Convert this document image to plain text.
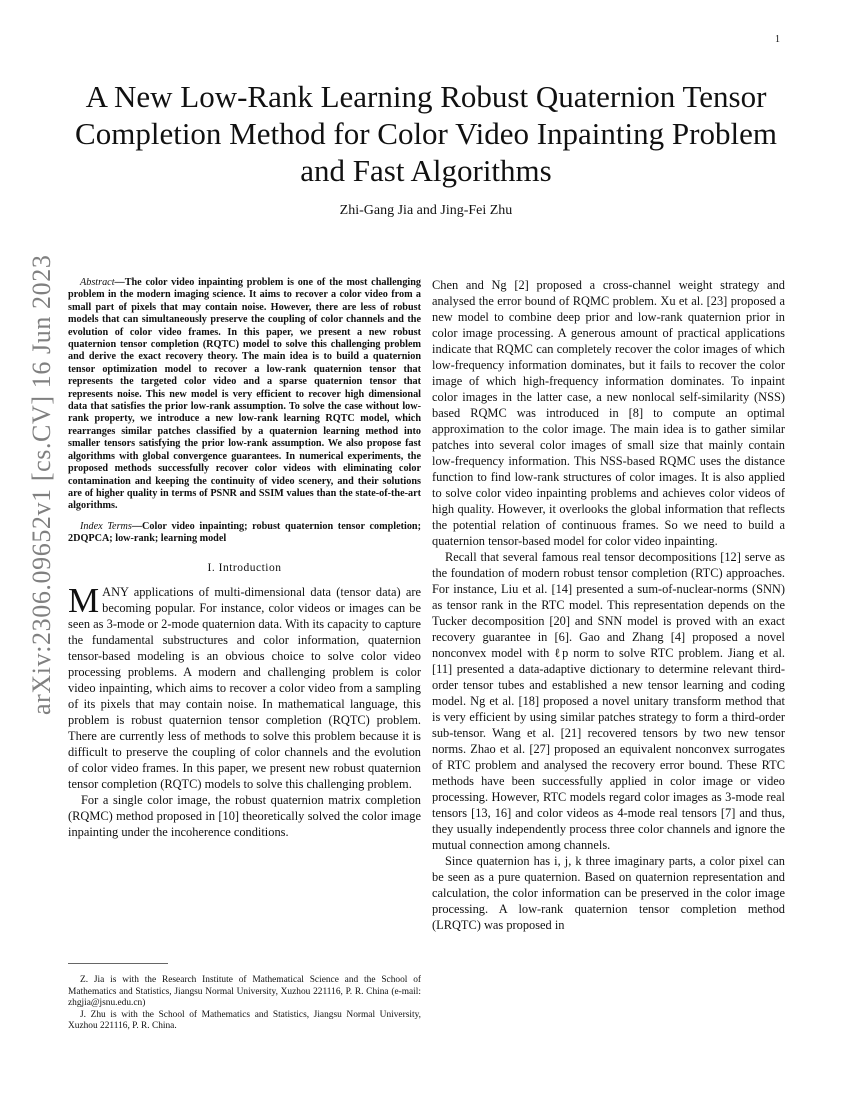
1
arXiv:2306.09652v1 [cs.CV] 16 Jun 2023
A New Low-Rank Learning Robust Quaternion Tensor Completion Method for Color Video Inpainting Problem and Fast Algorithms
Zhi-Gang Jia and Jing-Fei Zhu

Abstract—The color video inpainting problem is one of the most challenging problem in the modern imaging science. It aims to recover a color video from a small part of pixels that may contain noise. However, there are less of robust models that can simultaneously preserve the coupling of color channels and the evolution of color video frames. In this paper, we present a new robust quaternion tensor completion (RQTC) model to solve this challenging problem and derive the exact recovery theory. The main idea is to build a quaternion tensor optimization model to recover a low-rank quaternion tensor that represents the targeted color video and a sparse quaternion tensor that represents noise. This new model is very efficient to recover high dimensional data that satisfies the prior low-rank assumption. To solve the case without low-rank property, we introduce a new low-rank learning RQTC model, which rearranges similar patches classified by a quaternion learning method into smaller tensors satisfying the prior low-rank assumption. We also propose fast algorithms with global convergence guarantees. In numerical experiments, the proposed methods successfully recover color videos with eliminating color contamination and keeping the continuity of video scenery, and their solutions are of higher quality in terms of PSNR and SSIM values than the state-of-the-art algorithms.

Index Terms—Color video inpainting; robust quaternion tensor completion; 2DQPCA; low-rank; learning model

I. Introduction

MANY applications of multi-dimensional data (tensor data) are becoming popular. For instance, color videos or images can be seen as 3-mode or 2-mode quaternion data. With its capacity to capture the fundamental substructures and color information, quaternion tensor-based modeling is an obvious choice to solve color video processing problems. A modern and challenging problem is color video inpainting, which aims to recover a color video from a sampling of its pixels that may contain noise. In mathematical language, this problem is robust quaternion tensor completion (RQTC) problem. There are currently less of methods to solve this problem because it is difficult to preserve the coupling of color channels and the evolution of color video frames. In this paper, we present new robust quaternion tensor completion (RQTC) models to solve this challenging problem.

For a single color image, the robust quaternion matrix completion (RQMC) method proposed in [10] theoretically solved the color image inpainting under the incoherence conditions.

Z. Jia is with the Research Institute of Mathematical Science and the School of Mathematics and Statistics, Jiangsu Normal University, Xuzhou 221116, P. R. China (e-mail: zhgjia@jsnu.edu.cn)

J. Zhu is with the School of Mathematics and Statistics, Jiangsu Normal University, Xuzhou 221116, P. R. China.

Chen and Ng [2] proposed a cross-channel weight strategy and analysed the error bound of RQMC problem. Xu et al. [23] proposed a new model to combine deep prior and low-rank quaternion prior in color image processing. A generous amount of practical applications indicate that RQMC can completely recover the color images of which low-frequency information dominates, but it fails to recover the color image of which high-frequency information dominates. To inpaint color images in the latter case, a new nonlocal self-similarity (NSS) based RQMC was introduced in [8] to compute an optimal approximation to the color image. The main idea is to gather similar patches into several color images of small size that mainly contain low-frequency information. This NSS-based RQMC uses the distance function to find low-rank structures of color images. It is also applied to solve color video inpainting problems and achieves color videos of high quality. However, it overlooks the global information that reflects the potential relation of continuous frames. So we need to build a quaternion tensor-based model for color video inpainting.

Recall that several famous real tensor decompositions [12] serve as the foundation of modern robust tensor completion (RTC) approaches. For instance, Liu et al. [14] presented a sum-of-nuclear-norms (SNN) as tensor rank in the RTC model. This representation depends on the Tucker decomposition [20] and SNN model is proved with an exact recovery guarantee in [6]. Gao and Zhang [4] proposed a novel nonconvex model with ℓp norm to solve RTC problem. Jiang et al. [11] presented a data-adaptive dictionary to determine relevant third-order tensor tubes and established a new tensor learning and coding model. Ng et al. [18] proposed a novel unitary transform method that is very efficient by using similar patches strategy to form a third-order sub-tensor. Wang et al. [21] recovered tensors by two new tensor norms. Zhao et al. [27] proposed an equivalent nonconvex surrogates of RTC problem and analysed the recovery error bound. These RTC methods have been successfully applied in color image or video processing. However, RTC models regard color images as 3-mode real tensors [13, 16] and color videos as 4-mode real tensors [7] and thus, they usually independently process three color channels and ignore the mutual connection among channels.

Since quaternion has i, j, k three imaginary parts, a color pixel can be seen as a pure quaternion. Based on quaternion representation and calculation, the color information can be preserved in the color image processing. A low-rank quaternion tensor completion method (LRQTC) was proposed in
